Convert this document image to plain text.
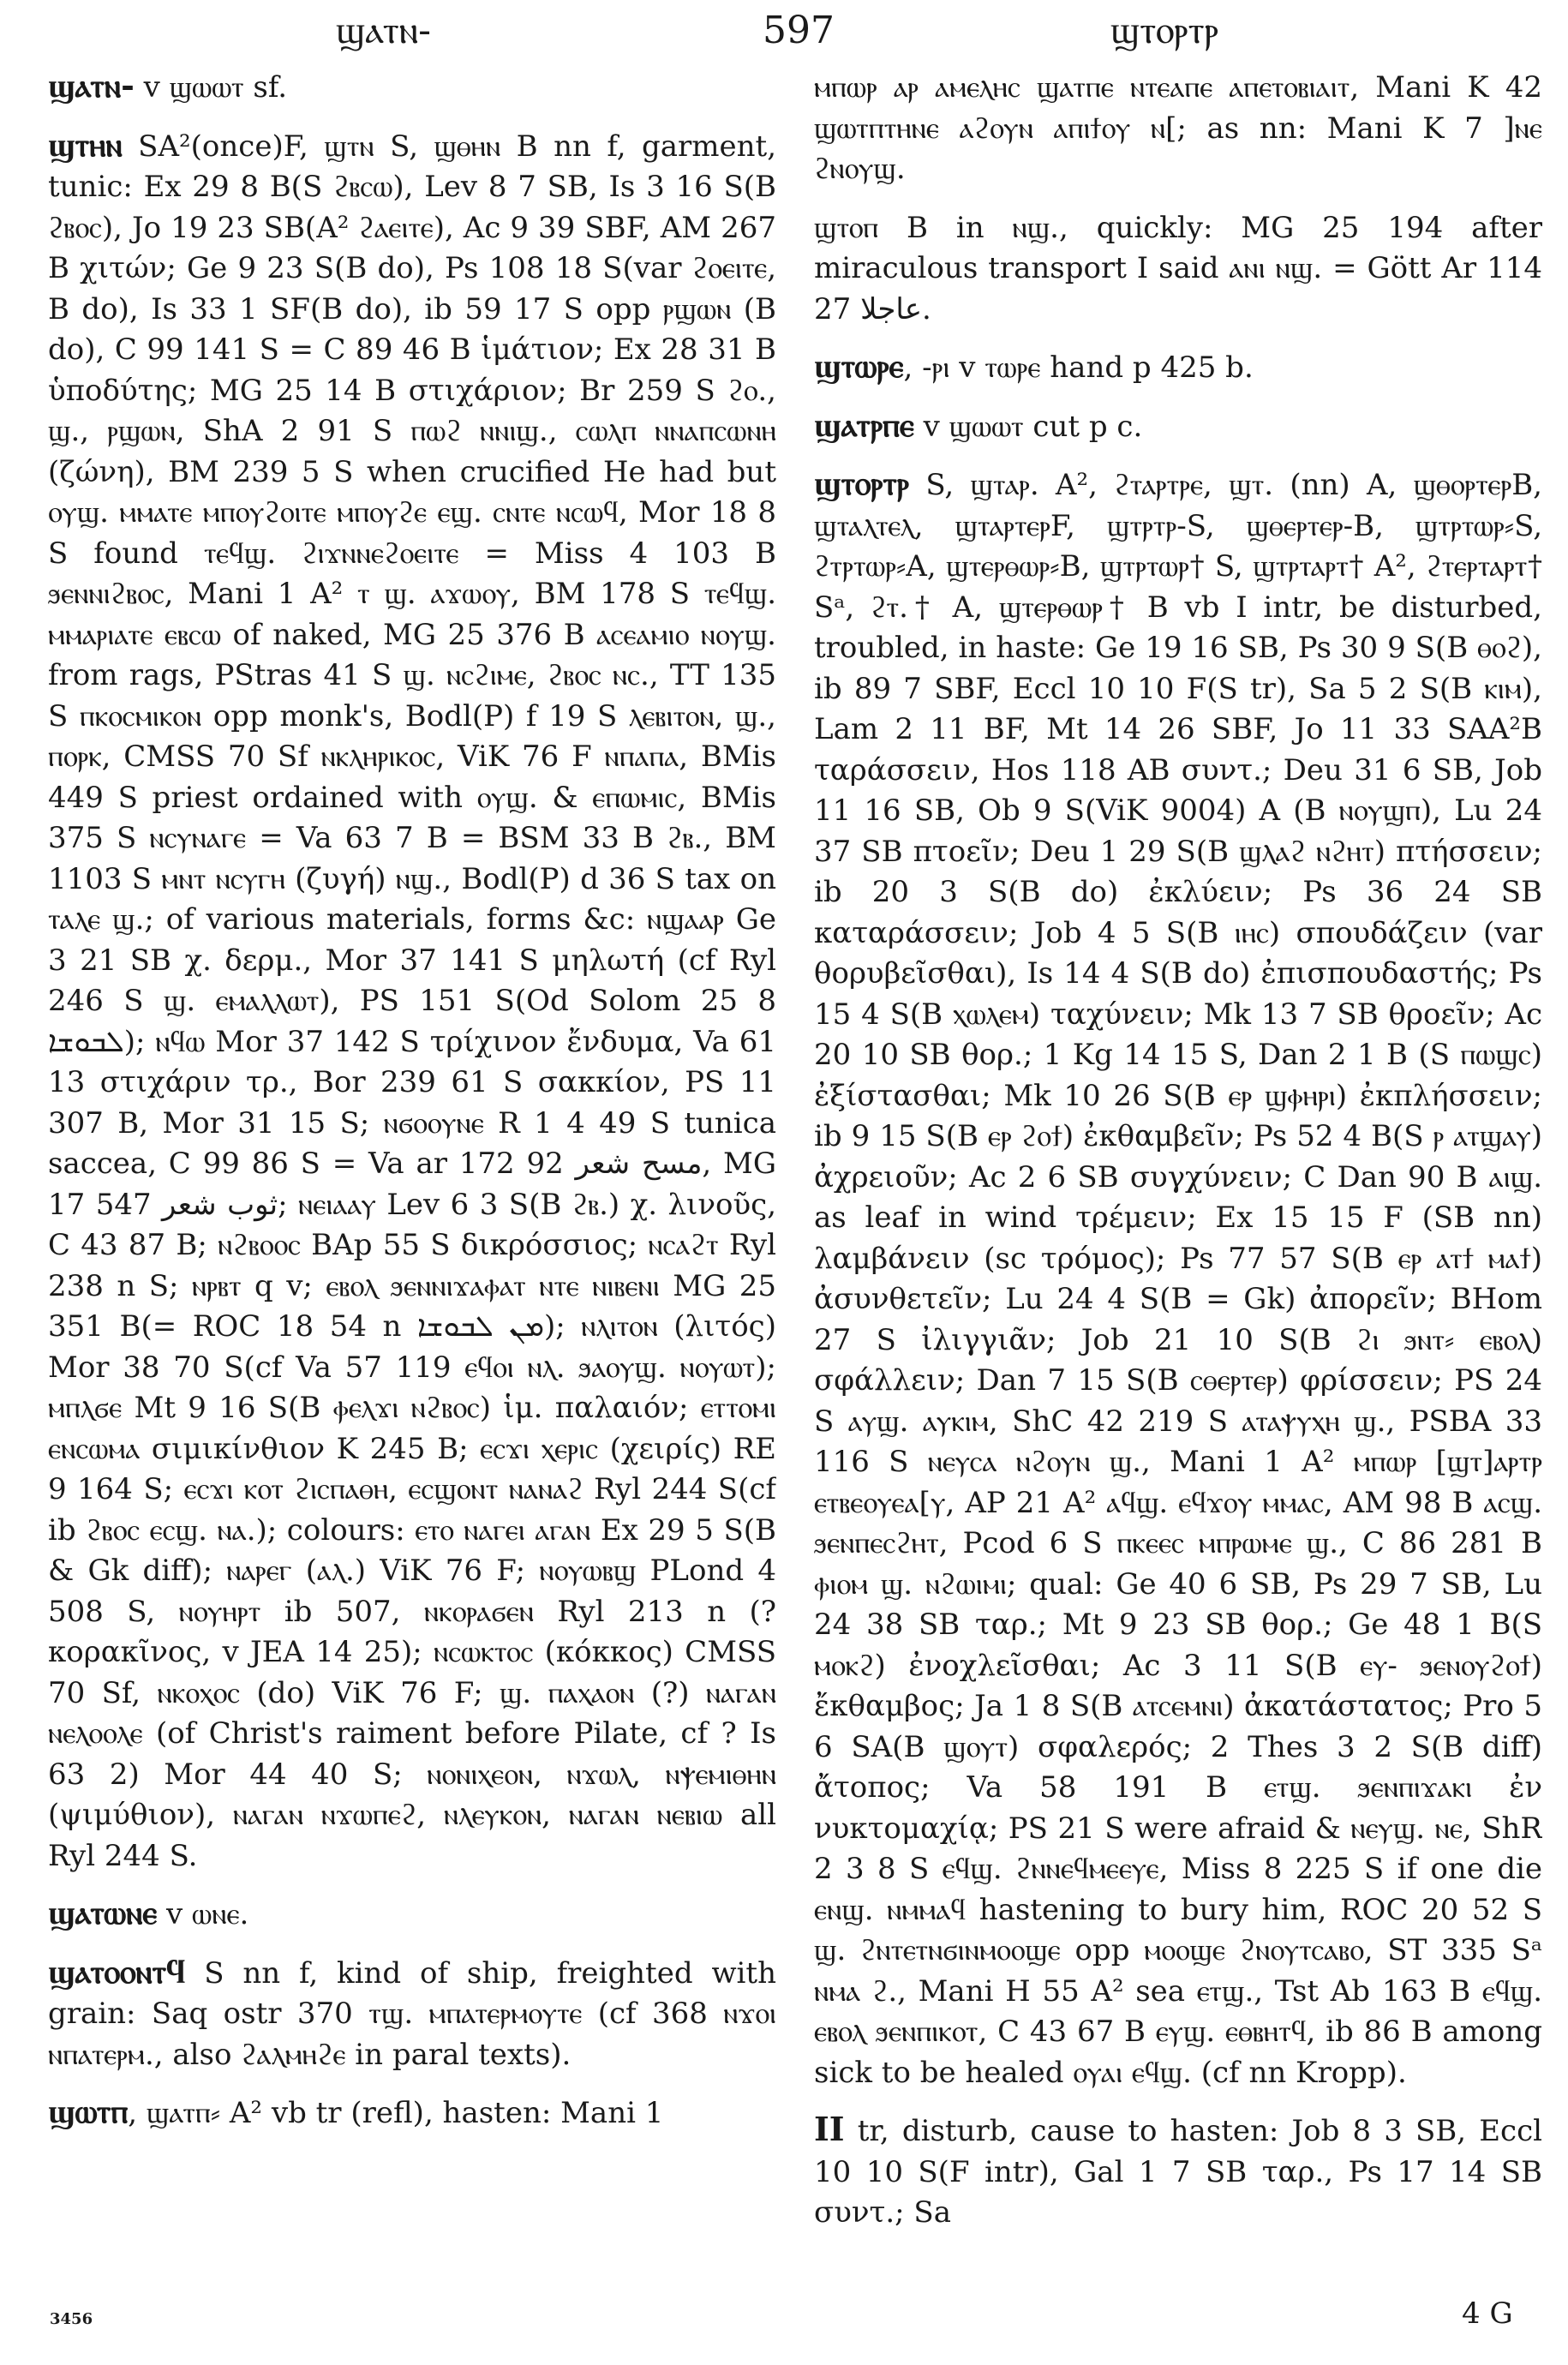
ϣⲁⲧⲛ-	597	ϣⲧⲟⲣⲧⲣ

ϣⲁⲧⲛ- v ϣⲱⲱⲧ sf.

ϣⲧⲏⲛ SA²(once)F, ϣⲧⲛ S, ϣⲑⲏⲛ B nn f, garment, tunic: Ex 29 8 B(S ϩⲃⲥⲱ), Lev 8 7 SB, Is 3 16 S(B ϩⲃⲟⲥ), Jo 19 23 SB(A² ϩⲁⲉⲓⲧⲉ), Ac 9 39 SBF, AM 267 B χιτών; Ge 9 23 S(B do), Ps 108 18 S(var ϩⲟⲉⲓⲧⲉ, B do), Is 33 1 SF(B do), ib 59 17 S opp ⲣϣⲱⲛ (B do), C 99 141 S = C 89 46 B ἱμάτιον; Ex 28 31 B ὑποδύτης; MG 25 14 B στιχάριον; Br 259 S ϩⲟ., ϣ., ⲣϣⲱⲛ, ShA 2 91 S ⲡⲱϩ ⲛⲛⲓϣ., ⲥⲱⲗⲡ ⲛⲛⲁⲡⲥⲱⲛⲏ (ζώνη), BM 239 5 S when crucified He had but ⲟⲩϣ. ⲙⲙⲁⲧⲉ ⲙⲡⲟⲩϩⲟⲓⲧⲉ ⲙⲡⲟⲩϩⲉ ⲉϣ. ⲥⲛⲧⲉ ⲛⲥⲱϥ, Mor 18 8 S found ⲧⲉϥϣ. ϩⲓϫⲛⲛⲉϩⲟⲉⲓⲧⲉ = Miss 4 103 B ϧⲉⲛⲛⲓϩⲃⲟⲥ, Mani 1 A² ⲧ ϣ. ⲁϫⲱⲟⲩ, BM 178 S ⲧⲉϥϣ. ⲙⲙⲁⲣⲓⲁⲧⲉ ⲉⲃⲥⲱ of naked, MG 25 376 B ⲁⲥⲉⲁⲙⲓⲟ ⲛⲟⲩϣ. from rags, PStras 41 S ϣ. ⲛⲥϩⲓⲙⲉ, ϩⲃⲟⲥ ⲛⲥ., TT 135 S ⲡⲕⲟⲥⲙⲓⲕⲟⲛ opp monk's, Bodl(P) f 19 S ⲗⲉⲃⲓⲧⲟⲛ, ϣ., ⲡⲟⲣⲕ, CMSS 70 Sf ⲛⲕⲗⲏⲣⲓⲕⲟⲥ, ViK 76 F ⲛⲡⲁⲡⲁ, BMis 449 S priest ordained with ⲟⲩϣ. & ⲉⲡⲱⲙⲓⲥ, BMis 375 S ⲛⲥⲩⲛⲁⲅⲉ = Va 63 7 B = BSM 33 B ϩⲃ., BM 1103 S ⲙⲛⲧ ⲛⲥⲩⲅⲏ (ζυγή) ⲛϣ., Bodl(P) d 36 S tax on ⲧⲁⲗⲉ ϣ.; of various materials, forms &c: ⲛϣⲁⲁⲣ Ge 3 21 SB χ. δερμ., Mor 37 141 S μηλωτή (cf Ryl 246 S ϣ. ⲉⲙⲁⲗⲗⲱⲧ), PS 151 S(Od Solom 25 8 ܠܒܘܫܐ); ⲛϥⲱ Mor 37 142 S τρίχινον ἔνδυμα, Va 61 13 στιχάριν τρ., Bor 239 61 S σακκίον, PS 11 307 B, Mor 31 15 S; ⲛϭⲟⲟⲩⲛⲉ R 1 4 49 S tunica saccea, C 99 86 S = Va ar 172 92 مسح شعر, MG 17 547 ثوب شعر; ⲛⲉⲓⲁⲁⲩ Lev 6 3 S(B ϩⲃ.) χ. λινοῦς, C 43 87 B; ⲛϩⲃⲟⲟⲥ BAp 55 S δικρόσσιος; ⲛⲥⲁϩⲧ Ryl 238 n S; ⲛⲣⲃⲧ q v; ⲉⲃⲟⲗ ϧⲉⲛⲛⲓϫⲁⲫⲁⲧ ⲛⲧⲉ ⲛⲓⲃⲉⲛⲓ MG 25 351 B(= ROC 18 54 n ܡܢ ܠܒܘܫܐ); ⲛⲗⲓⲧⲟⲛ (λιτός) Mor 38 70 S(cf Va 57 119 ⲉϥⲟⲓ ⲛⲗ. ϧⲁⲟⲩϣ. ⲛⲟⲩⲱⲧ); ⲙⲡⲗϭⲉ Mt 9 16 S(B ⲫⲉⲗϫⲓ ⲛϩⲃⲟⲥ) ἱμ. παλαιόν; ⲉⲧⲧⲟⲙⲓ ⲉⲛⲥⲱⲙⲁ σιμικίνθιον K 245 B; ⲉⲥϫⲓ ⲭⲉⲣⲓⲥ (χειρίς) RE 9 164 S; ⲉⲥϫⲓ ⲕⲟⲧ ϩⲓⲥⲡⲁⲑⲏ, ⲉⲥϣⲟⲛⲧ ⲛⲁⲛⲁϩ Ryl 244 S(cf ib ϩⲃⲟⲥ ⲉⲥϣ. ⲛⲁ.); colours: ⲉⲧⲟ ⲛⲁⲅⲉⲓ ⲁⲅⲁⲛ Ex 29 5 S(B & Gk diff); ⲛⲁⲣⲉⲅ (ⲁⲗ.) ViK 76 F; ⲛⲟⲩⲱⲃϣ PLond 4 508 S, ⲛⲟⲩⲏⲣⲧ ib 507, ⲛⲕⲟⲣⲁϭⲉⲛ Ryl 213 n (? κορακῖνος, v JEA 14 25); ⲛⲥⲱⲕⲧⲟⲥ (κόκκος) CMSS 70 Sf, ⲛⲕⲟⲭⲟⲥ (do) ViK 76 F; ϣ. ⲡⲁⲭⲁⲟⲛ (?) ⲛⲁⲅⲁⲛ ⲛⲉⲗⲟⲟⲗⲉ (of Christ's raiment before Pilate, cf ? Is 63 2) Mor 44 40 S; ⲛⲟⲛⲓⲭⲉⲟⲛ, ⲛϫⲱⲗ, ⲛⲯⲉⲙⲓⲑⲏⲛ (ψιμύθιον), ⲛⲁⲅⲁⲛ ⲛϫⲱⲡⲉϩ, ⲛⲗⲉⲩⲕⲟⲛ, ⲛⲁⲅⲁⲛ ⲛⲉⲃⲓⲱ all Ryl 244 S.

ϣⲁⲧⲱⲛⲉ v ⲱⲛⲉ.

ϣⲁⲧⲟⲟⲛⲧϥ S nn f, kind of ship, freighted with grain: Saq ostr 370 ⲧϣ. ⲙⲡⲁⲧⲉⲣⲙⲟⲩⲧⲉ (cf 368 ⲛϫⲟⲓ ⲛⲡⲁⲧⲉⲣⲙ., also ϩⲁⲗⲙⲏϩⲉ in paral texts).

ϣⲱⲧⲡ, ϣⲁⲧⲡ⸗ A² vb tr (refl), hasten: Mani 1

ⲙⲡⲱⲣ ⲁⲣ ⲁⲙⲉⲗⲏⲥ ϣⲁⲧⲡⲉ ⲛⲧⲉⲁⲡⲉ ⲁⲡⲉⲧⲟⲃⲓⲁⲓⲧ, Mani K 42 ϣⲱⲧⲡⲧⲏⲛⲉ ⲁϩⲟⲩⲛ ⲁⲡⲓϯⲟⲩ ⲛ[; as nn: Mani K 7 ]ⲛⲉ ϩⲛⲟⲩϣ.

ϣⲧⲟⲡ B in ⲛϣ., quickly: MG 25 194 after miraculous transport I said ⲁⲛⲓ ⲛϣ. = Gött Ar 114 27 عاجلا.

ϣⲧⲱⲣⲉ, -ⲣⲓ v ⲧⲱⲣⲉ hand p 425 b.

ϣⲁⲧⲣⲡⲉ v ϣⲱⲱⲧ cut p c.

ϣⲧⲟⲣⲧⲣ S, ϣⲧⲁⲣ. A², ϩⲧⲁⲣⲧⲣⲉ, ϣⲧ. (nn) A, ϣⲑⲟⲣⲧⲉⲣB, ϣⲧⲁⲗⲧⲉⲗ, ϣⲧⲁⲣⲧⲉⲣF, ϣⲧⲣⲧⲣ-S, ϣⲑⲉⲣⲧⲉⲣ-B, ϣⲧⲣⲧⲱⲣ⸗S, ϩⲧⲣⲧⲱⲣ⸗A, ϣⲧⲉⲣⲑⲱⲣ⸗B, ϣⲧⲣⲧⲱⲣ† S, ϣⲧⲣⲧⲁⲣⲧ† A², ϩⲧⲉⲣⲧⲁⲣⲧ† Sᵃ, ϩⲧ.† A, ϣⲧⲉⲣⲑⲱⲣ† B vb I intr, be disturbed, troubled, in haste: Ge 19 16 SB, Ps 30 9 S(B ⲑⲟϩ), ib 89 7 SBF, Eccl 10 10 F(S tr), Sa 5 2 S(B ⲕⲓⲙ), Lam 2 11 BF, Mt 14 26 SBF, Jo 11 33 SAA²B ταράσσειν, Hos 118 AB συντ.; Deu 31 6 SB, Job 11 16 SB, Ob 9 S(ViK 9004) A (B ⲛⲟⲩϣⲡ), Lu 24 37 SB πτοεῖν; Deu 1 29 S(B ϣⲗⲁϩ ⲛϩⲏⲧ) πτήσσειν; ib 20 3 S(B do) ἐκλύειν; Ps 36 24 SB καταράσσειν; Job 4 5 S(B ⲓⲏⲥ) σπουδάζειν (var θορυβεῖσθαι), Is 14 4 S(B do) ἐπισπουδαστής; Ps 15 4 S(B ⲭⲱⲗⲉⲙ) ταχύνειν; Mk 13 7 SB θροεῖν; Ac 20 10 SB θορ.; 1 Kg 14 15 S, Dan 2 1 B (S ⲡⲱϣⲥ) ἐξίστασθαι; Mk 10 26 S(B ⲉⲣ ϣⲫⲏⲣⲓ) ἐκπλήσσειν; ib 9 15 S(B ⲉⲣ ϩⲟϯ) ἐκθαμβεῖν; Ps 52 4 B(S ⲣ ⲁⲧϣⲁⲩ) ἀχρειοῦν; Ac 2 6 SB συγχύνειν; C Dan 90 B ⲁⲓϣ. as leaf in wind τρέμειν; Ex 15 15 F (SB nn) λαμβάνειν (sc τρόμος); Ps 77 57 S(B ⲉⲣ ⲁⲧϯ ⲙⲁϯ) ἀσυνθετεῖν; Lu 24 4 S(B = Gk) ἀπορεῖν; BHom 27 S ἰλιγγιᾶν; Job 21 10 S(B ϩⲓ ϧⲛⲧ⸗ ⲉⲃⲟⲗ) σφάλλειν; Dan 7 15 S(B ⲥⲑⲉⲣⲧⲉⲣ) φρίσσειν; PS 24 S ⲁⲩϣ. ⲁⲩⲕⲓⲙ, ShC 42 219 S ⲁⲧⲁⲯⲩⲭⲏ ϣ., PSBA 33 116 S ⲛⲉⲩⲥⲁ ⲛϩⲟⲩⲛ ϣ., Mani 1 A² ⲙⲡⲱⲣ [ϣⲧ]ⲁⲣⲧⲣ ⲉⲧⲃⲉⲟⲩⲉⲁ[ⲩ, AP 21 A² ⲁϥϣ. ⲉϥϫⲟⲩ ⲙⲙⲁⲥ, AM 98 B ⲁⲥϣ. ϧⲉⲛⲡⲉⲥϩⲏⲧ, Pcod 6 S ⲡⲕⲉⲉⲥ ⲙⲡⲣⲱⲙⲉ ϣ., C 86 281 B ⲫⲓⲟⲙ ϣ. ⲛϩⲱⲓⲙⲓ; qual: Ge 40 6 SB, Ps 29 7 SB, Lu 24 38 SB ταρ.; Mt 9 23 SB θορ.; Ge 48 1 B(S ⲙⲟⲕϩ) ἐνοχλεῖσθαι; Ac 3 11 S(B ⲉⲩ- ϧⲉⲛⲟⲩϩⲟϯ) ἔκθαμβος; Ja 1 8 S(B ⲁⲧⲥⲉⲙⲛⲓ) ἀκατάστατος; Pro 5 6 SA(B ϣⲟⲩⲧ) σφαλερός; 2 Thes 3 2 S(B diff) ἄτοπος; Va 58 191 B ⲉⲧϣ. ϧⲉⲛⲡⲓϫⲁⲕⲓ ἐν νυκτομαχίᾳ; PS 21 S were afraid & ⲛⲉⲩϣ. ⲛⲉ, ShR 2 3 8 S ⲉϥϣ. ϩⲛⲛⲉϥⲙⲉⲉⲩⲉ, Miss 8 225 S if one die ⲉⲛϣ. ⲛⲙⲙⲁϥ hastening to bury him, ROC 20 52 S ϣ. ϩⲛⲧⲉⲧⲛϭⲓⲛⲙⲟⲟϣⲉ opp ⲙⲟⲟϣⲉ ϩⲛⲟⲩⲧⲥⲁⲃⲟ, ST 335 Sᵃ ⲛⲙⲁ ϩ., Mani H 55 A² sea ⲉⲧϣ., Tst Ab 163 B ⲉϥϣ. ⲉⲃⲟⲗ ϧⲉⲛⲡⲓⲕⲟⲧ, C 43 67 B ⲉⲩϣ. ⲉⲑⲃⲏⲧϥ, ib 86 B among sick to be healed ⲟⲩⲁⲓ ⲉϥϣ. (cf nn Kropp).

II tr, disturb, cause to hasten: Job 8 3 SB, Eccl 10 10 S(F intr), Gal 1 7 SB ταρ., Ps 17 14 SB συντ.; Sa

3456	4 G
